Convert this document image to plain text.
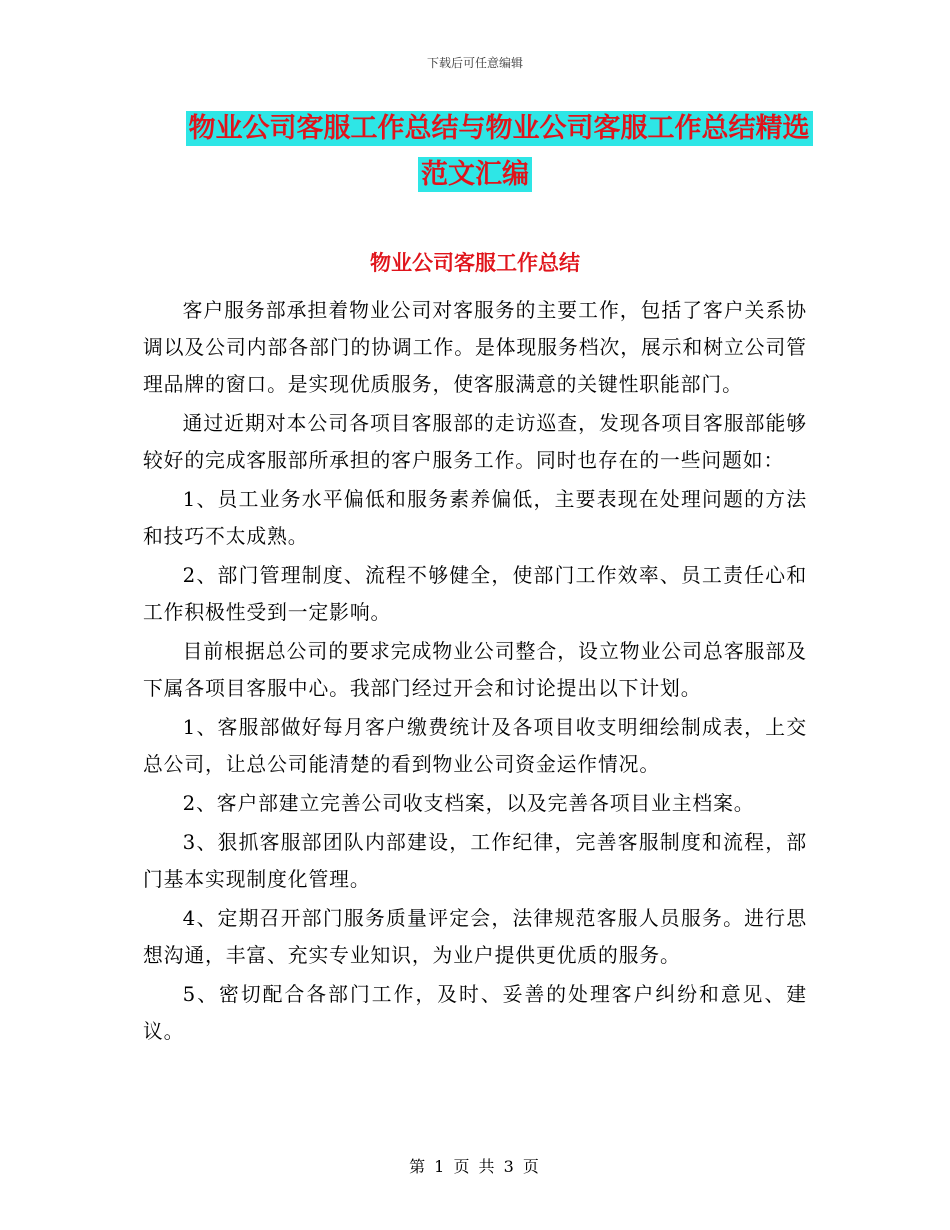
下载后可任意编辑
物业公司客服工作总结与物业公司客服工作总结精选
范文汇编
物业公司客服工作总结

客户服务部承担着物业公司对客服务的主要工作，包括了客户关系协调以及公司内部各部门的协调工作。是体现服务档次，展示和树立公司管理品牌的窗口。是实现优质服务，使客服满意的关键性职能部门。

通过近期对本公司各项目客服部的走访巡查，发现各项目客服部能够较好的完成客服部所承担的客户服务工作。同时也存在的一些问题如：

1、员工业务水平偏低和服务素养偏低，主要表现在处理问题的方法和技巧不太成熟。

2、部门管理制度、流程不够健全，使部门工作效率、员工责任心和工作积极性受到一定影响。

目前根据总公司的要求完成物业公司整合，设立物业公司总客服部及下属各项目客服中心。我部门经过开会和讨论提出以下计划。

1、客服部做好每月客户缴费统计及各项目收支明细绘制成表，上交总公司，让总公司能清楚的看到物业公司资金运作情况。

2、客户部建立完善公司收支档案，以及完善各项目业主档案。

3、狠抓客服部团队内部建设，工作纪律，完善客服制度和流程，部门基本实现制度化管理。

4、定期召开部门服务质量评定会，法律规范客服人员服务。进行思想沟通，丰富、充实专业知识，为业户提供更优质的服务。

5、密切配合各部门工作，及时、妥善的处理客户纠纷和意见、建议。

第 1 页 共 3 页
